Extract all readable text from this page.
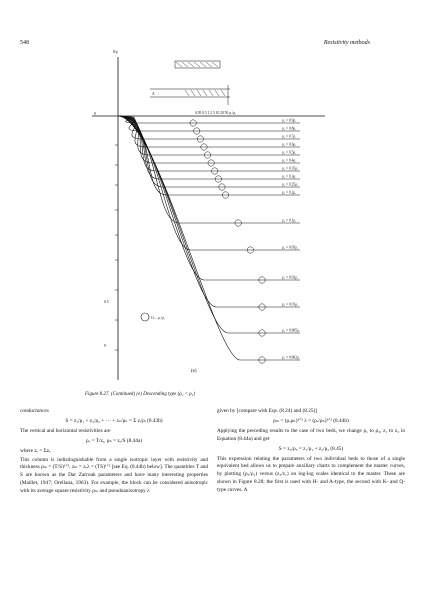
548	Resistivity methods
8/ρ
8	0.05 0.5 1 2 5 10 20 50 ρ₁/ρ₂
A
0.5
ρ₁
ρ₂ = 0.9ρ₁
ρ₂ = 0.8ρ₁
ρ₂ = 0.7ρ₁
ρ₂ = 0.6ρ₁
ρ₂ = 0.5ρ₁
ρ₂ = 0.4ρ₁
ρ₂ = 0.35ρ₁
ρ₂ = 0.3ρ₁
ρ₂ = 0.25ρ₁
ρ₂ = 0.2ρ₁
ρ₂ = 0.1ρ₁
ρ₂ = 0.05ρ₁
ρ₂ = 0.02ρ₁
ρ₂ = 0.01ρ₁
ρ₂ = 0.005ρ₁
ρ₂ = 0.002ρ₁
O— ρ₁/ρ₁
(e)
Figure 8.27. (Continued) (e) Descending type (ρ₂ < ρ₁)

conductances

S = z₁/ρ₁ + z₂/ρ₂ + ··· + zₙ/ρₙ = Σ zᵢ/ρᵢ (8.43b)

The vertical and horizontal resistivities are

ρᵥ = T/zₑ, ρₕ = zₑ/S (8.44a)

where zₑ = Σzᵢ.

This column is indistinguishable from a single isotropic layer with resistivity and thickness ρₘ = (T/S)¹ᐟ², zₘ = zₑλ = (TS)¹ᐟ² [see Eq. (8.44b) below]. The quantities T and S are known as the Dar Zarrouk parameters and have many interesting properties (Maillet, 1947; Orellana, 1963). For example, the block can be considered anisotropic with its average square resistivity ρₘ and pseudoanisotropy λ

given by [compare with Eqs. (8.24) and (8.25)]

ρₘ = (ρᵥρₕ)¹ᐟ² λ = (ρᵥ/ρₕ)¹ᐟ² (8.44b)

Applying the preceding results to the case of two beds, we change ρ₁ to ρ₃, z₁ to z₃ in Equation (8.44a) and get

S = z₃/ρ₃ = z₁/ρ₁ + z₂/ρ₂ (8.45)

This expression relating the parameters of two individual beds to those of a single equivalent bed allows us to prepare auxiliary charts to complement the master curves, by plotting (ρ₃/ρ₁) versus (z₃/z₁) on log-log scales identical to the master. These are shown in Figure 8.28; the first is used with H- and A-type, the second with K- and Q-type curves. A
